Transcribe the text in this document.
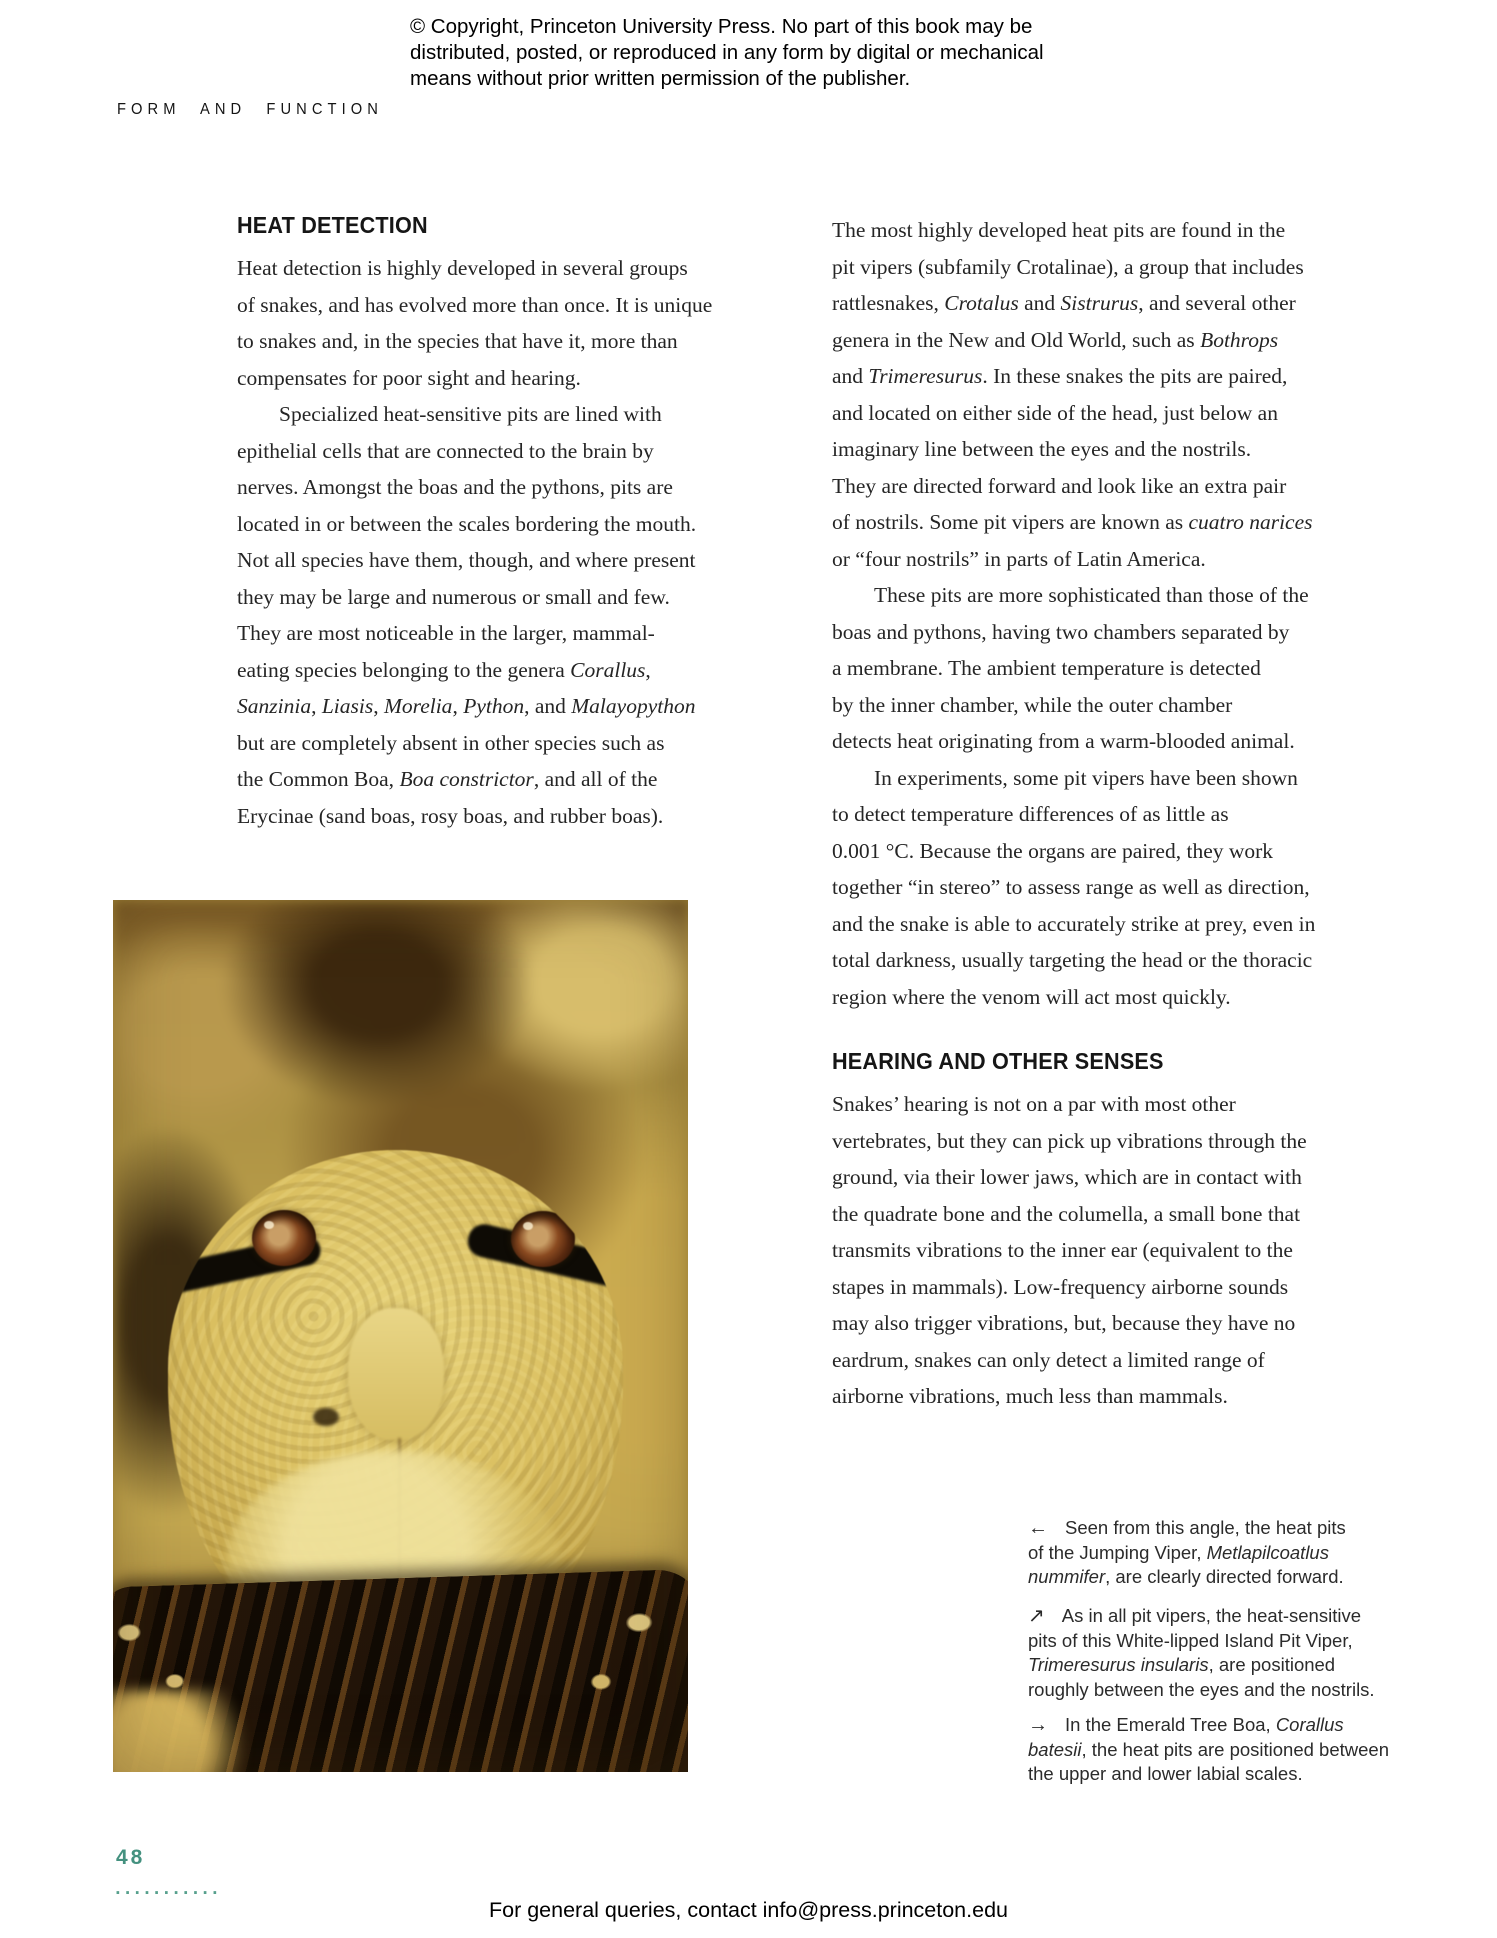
© Copyright, Princeton University Press. No part of this book may be
distributed, posted, or reproduced in any form by digital or mechanical
means without prior written permission of the publisher.

FORM AND FUNCTION
HEAT DETECTION

Heat detection is highly developed in several groups
of snakes, and has evolved more than once. It is unique
to snakes and, in the species that have it, more than
compensates for poor sight and hearing.

Specialized heat-sensitive pits are lined with
epithelial cells that are connected to the brain by
nerves. Amongst the boas and the pythons, pits are
located in or between the scales bordering the mouth.
Not all species have them, though, and where present
they may be large and numerous or small and few.
They are most noticeable in the larger, mammal-
eating species belonging to the genera Corallus,
Sanzinia, Liasis, Morelia, Python, and Malayopython
but are completely absent in other species such as
the Common Boa, Boa constrictor, and all of the
Erycinae (sand boas, rosy boas, and rubber boas).

The most highly developed heat pits are found in the
pit vipers (subfamily Crotalinae), a group that includes
rattlesnakes, Crotalus and Sistrurus, and several other
genera in the New and Old World, such as Bothrops
and Trimeresurus. In these snakes the pits are paired,
and located on either side of the head, just below an
imaginary line between the eyes and the nostrils.
They are directed forward and look like an extra pair
of nostrils. Some pit vipers are known as cuatro narices
or “four nostrils” in parts of Latin America.

These pits are more sophisticated than those of the
boas and pythons, having two chambers separated by
a membrane. The ambient temperature is detected
by the inner chamber, while the outer chamber
detects heat originating from a warm-blooded animal.

In experiments, some pit vipers have been shown
to detect temperature differences of as little as
0.001 °C. Because the organs are paired, they work
together “in stereo” to assess range as well as direction,
and the snake is able to accurately strike at prey, even in
total darkness, usually targeting the head or the thoracic
region where the venom will act most quickly.

HEARING AND OTHER SENSES

Snakes’ hearing is not on a par with most other
vertebrates, but they can pick up vibrations through the
ground, via their lower jaws, which are in contact with
the quadrate bone and the columella, a small bone that
transmits vibrations to the inner ear (equivalent to the
stapes in mammals). Low-frequency airborne sounds
may also trigger vibrations, but, because they have no
eardrum, snakes can only detect a limited range of
airborne vibrations, much less than mammals.

← Seen from this angle, the heat pits
of the Jumping Viper, Metlapilcoatlus
nummifer, are clearly directed forward.
↗ As in all pit vipers, the heat-sensitive
pits of this White-lipped Island Pit Viper,
Trimeresurus insularis, are positioned
roughly between the eyes and the nostrils.
→ In the Emerald Tree Boa, Corallus
batesii, the heat pits are positioned between
the upper and lower labial scales.
48
···········

For general queries, contact info@press.princeton.edu
